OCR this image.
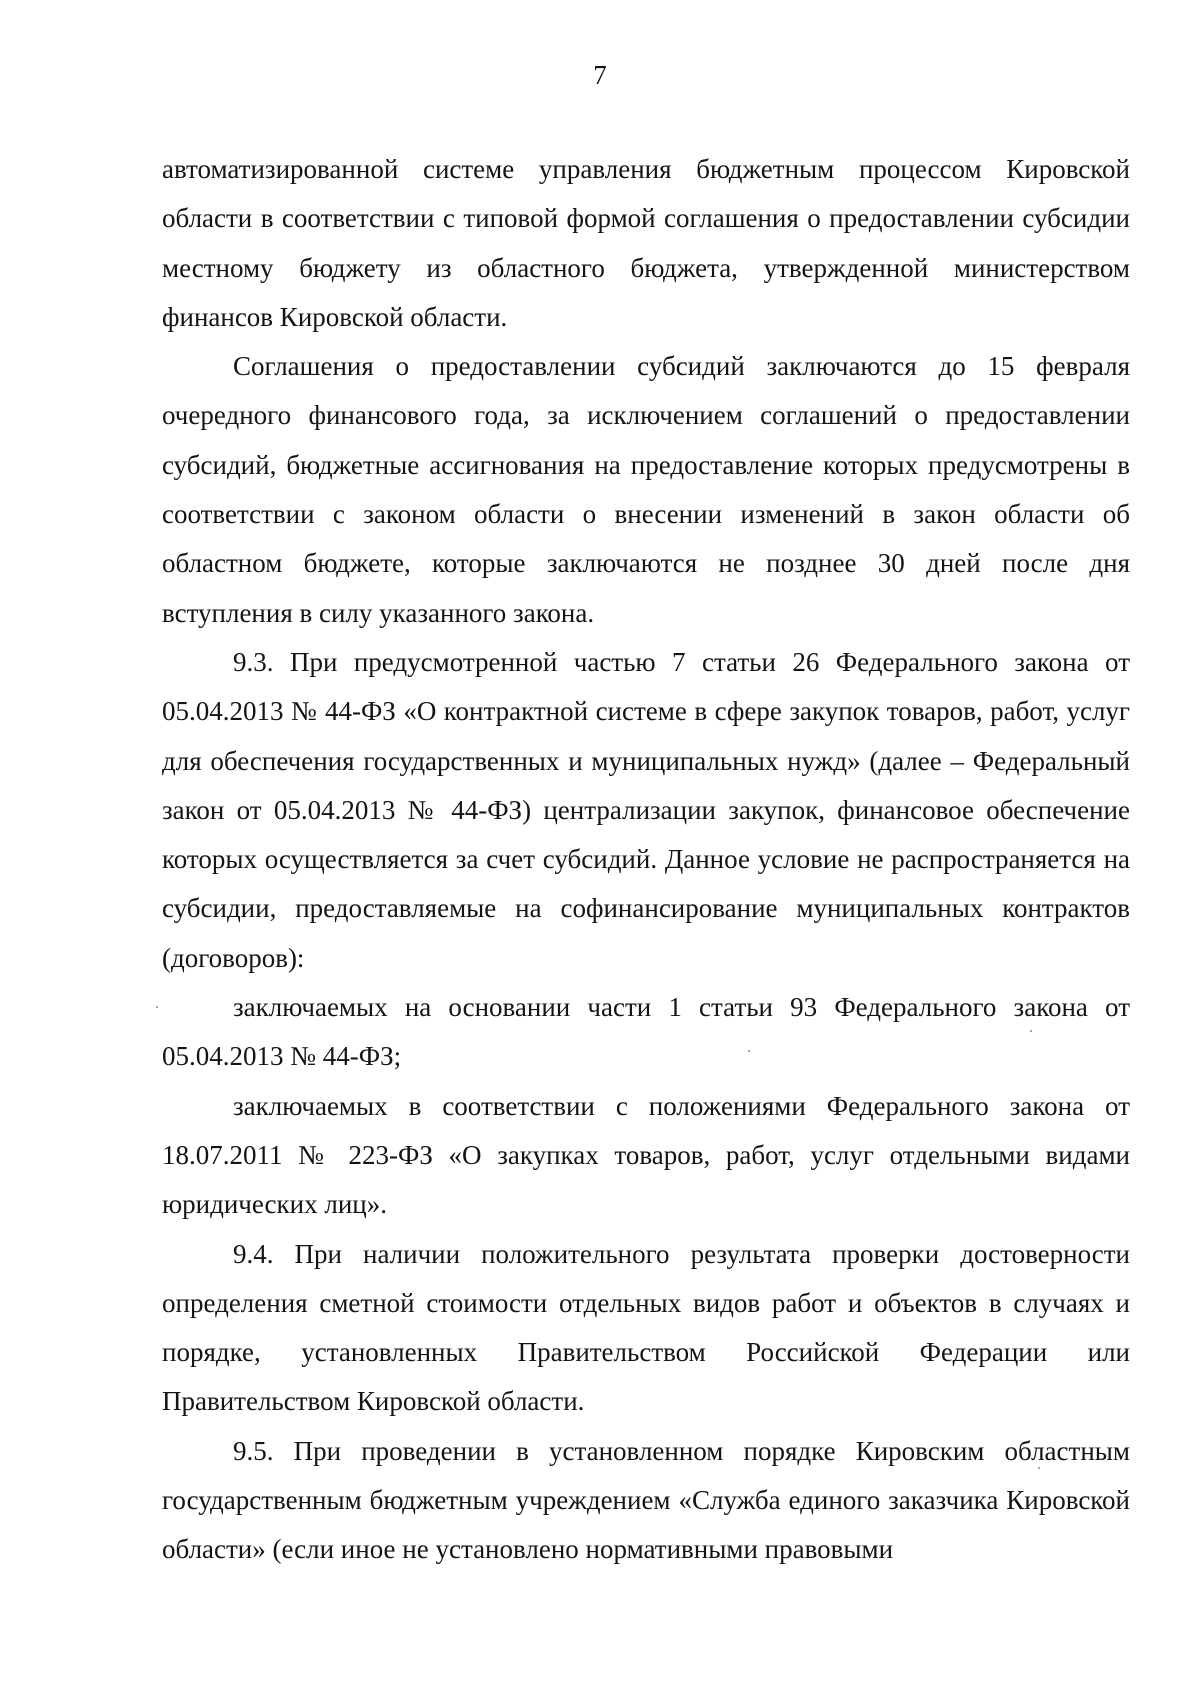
7

автоматизированной системе управления бюджетным процессом Кировской области в соответствии с типовой формой соглашения о предоставлении субсидии местному бюджету из областного бюджета, утвержденной министерством финансов Кировской области.

Соглашения о предоставлении субсидий заключаются до 15 февраля очередного финансового года, за исключением соглашений о предоставлении субсидий, бюджетные ассигнования на предоставление которых предусмотрены в соответствии с законом области о внесении изменений в закон области об областном бюджете, которые заключаются не позднее 30 дней после дня вступления в силу указанного закона.

9.3. При предусмотренной частью 7 статьи 26 Федерального закона от 05.04.2013 № 44-ФЗ «О контрактной системе в сфере закупок товаров, работ, услуг для обеспечения государственных и муниципальных нужд» (далее – Федеральный закон от 05.04.2013 № 44-ФЗ) централизации закупок, финансовое обеспечение которых осуществляется за счет субсидий. Данное условие не распространяется на субсидии, предоставляемые на софинансирование муниципальных контрактов (договоров):

заключаемых на основании части 1 статьи 93 Федерального закона от 05.04.2013 № 44-ФЗ;

заключаемых в соответствии с положениями Федерального закона от 18.07.2011 № 223-ФЗ «О закупках товаров, работ, услуг отдельными видами юридических лиц».

9.4. При наличии положительного результата проверки достоверности определения сметной стоимости отдельных видов работ и объектов в случаях и порядке, установленных Правительством Российской Федерации или Правительством Кировской области.

9.5. При проведении в установленном порядке Кировским областным государственным бюджетным учреждением «Служба единого заказчика Кировской области» (если иное не установлено нормативными правовыми
